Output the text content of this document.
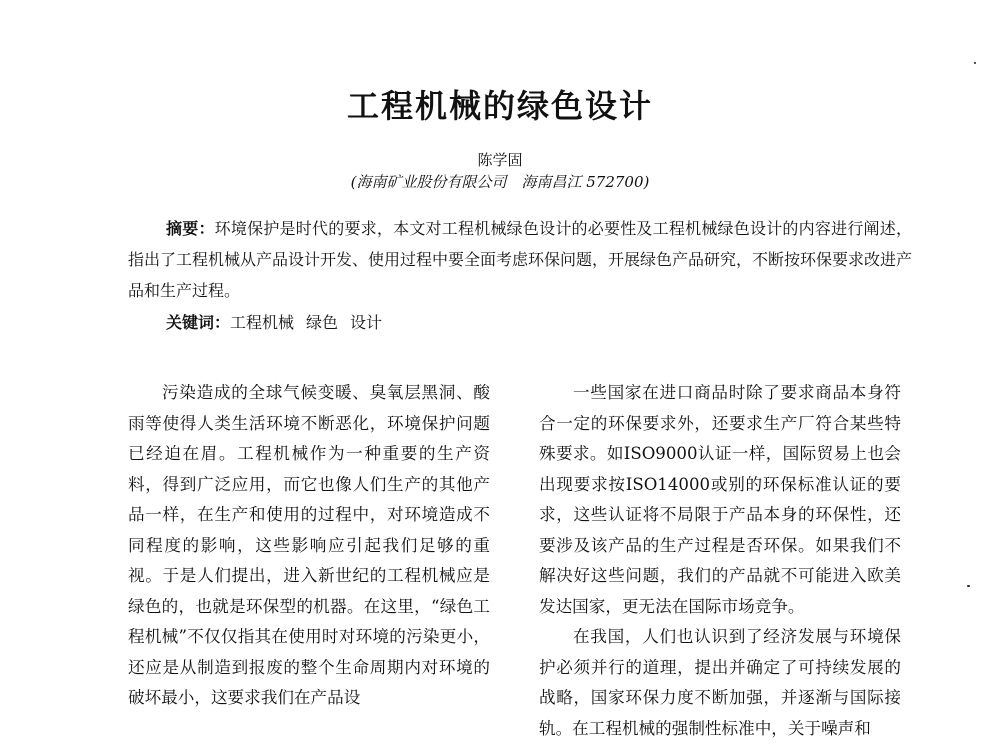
工程机械的绿色设计
陈学固
(海南矿业股份有限公司　海南昌江 572700)

摘要：环境保护是时代的要求，本文对工程机械绿色设计的必要性及工程机械绿色设计的内容进行阐述，指出了工程机械从产品设计开发、使用过程中要全面考虑环保问题，开展绿色产品研究，不断按环保要求改进产品和生产过程。

关键词：工程机械 绿色 设计

污染造成的全球气候变暖、臭氧层黑洞、酸雨等使得人类生活环境不断恶化，环境保护问题已经迫在眉。工程机械作为一种重要的生产资料，得到广泛应用，而它也像人们生产的其他产品一样，在生产和使用的过程中，对环境造成不同程度的影响，这些影响应引起我们足够的重视。于是人们提出，进入新世纪的工程机械应是绿色的，也就是环保型的机器。在这里，“绿色工程机械”不仅仅指其在使用时对环境的污染更小，还应是从制造到报废的整个生命周期内对环境的破坏最小，这要求我们在产品设

一些国家在进口商品时除了要求商品本身符合一定的环保要求外，还要求生产厂符合某些特殊要求。如ISO9000认证一样，国际贸易上也会出现要求按ISO14000或别的环保标准认证的要求，这些认证将不局限于产品本身的环保性，还要涉及该产品的生产过程是否环保。如果我们不解决好这些问题，我们的产品就不可能进入欧美发达国家，更无法在国际市场竞争。

在我国，人们也认识到了经济发展与环境保护必须并行的道理，提出并确定了可持续发展的战略，国家环保力度不断加强，并逐渐与国际接轨。在工程机械的强制性标准中，关于噪声和
